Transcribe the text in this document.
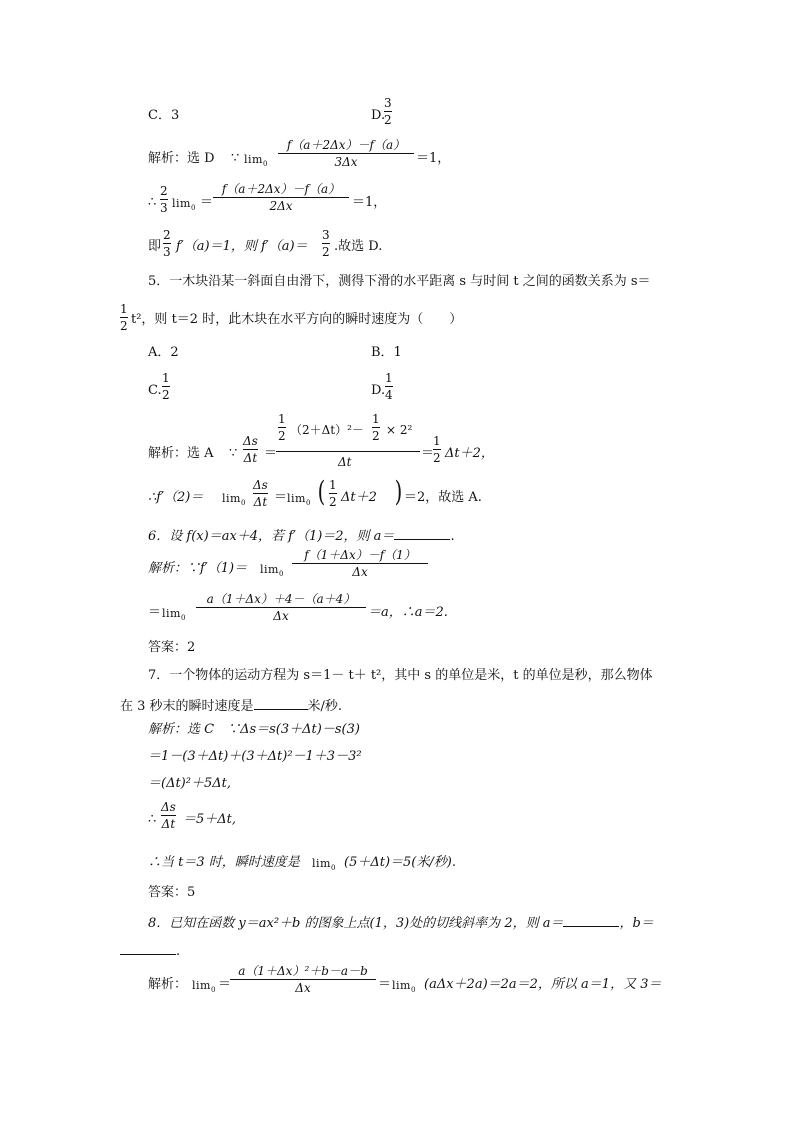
C．3	D.
3
2
解析：选 D ∵ $\lim_0$
f（a＋2Δx）－f（a）
3Δx	＝1，
∴
2
3 $\lim_0$ ＝
f（a＋2Δx）－f（a）
2Δx	＝1，
即
2
3 f′（a)＝1，则 f′（a)＝
3
2 .故选 D.
5．一木块沿某一斜面自由滑下，测得下滑的水平距离 s 与时间 t 之间的函数关系为 s＝
1
2 t²，则 t＝2 时，此木块在水平方向的瞬时速度为（　　）
A．2	B．1
C.
1
2	D.
1
4
解析：选 A ∵
Δs
Δt ＝
1
2 （2＋Δt）²－
1
2 × 2²
Δt
＝
1
2 Δt＋2，
∴f′（2)＝ $\lim_0$
Δs
$\Delta t = \lim_0$ ( 1
2 Δt＋2 ) ＝2，故选 A.
6．设 f(x)＝ax＋4，若 f′（1)＝2，则 a＝	.
解析：∵f′（1)＝ $\lim_0$
f（1＋Δx）－f（1）
Δx
＝ $\lim_0$
a（1＋Δx）＋4－（a＋4）
Δx	＝a，∴a＝2.
答案：2
7．一个物体的运动方程为 s＝1－ t＋ t²，其中 s 的单位是米，t 的单位是秒，那么物体
在 3 秒末的瞬时速度是	米/秒.
解析：选 C　∵Δs＝s(3＋Δt)－s(3)
＝1－(3＋Δt)＋(3＋Δt)²－1＋3－3²
＝(Δt)²＋5Δt,
∴
Δs
Δt ＝5＋Δt,
∴当 t＝3 时，瞬时速度是 $\lim_0 (5+\Delta t)=5$(米/秒).
答案：5
8．已知在函数 y＝ax²＋b 的图象上点(1，3)处的切线斜率为 2，则 a＝	，b＝
.
解析： $\lim_0$ ＝
a（1＋Δx）²＋b－a－b
Δx	＝ $\lim_0 (a\Delta x+2a)=2a=2$，所以 a＝1，又 3＝
